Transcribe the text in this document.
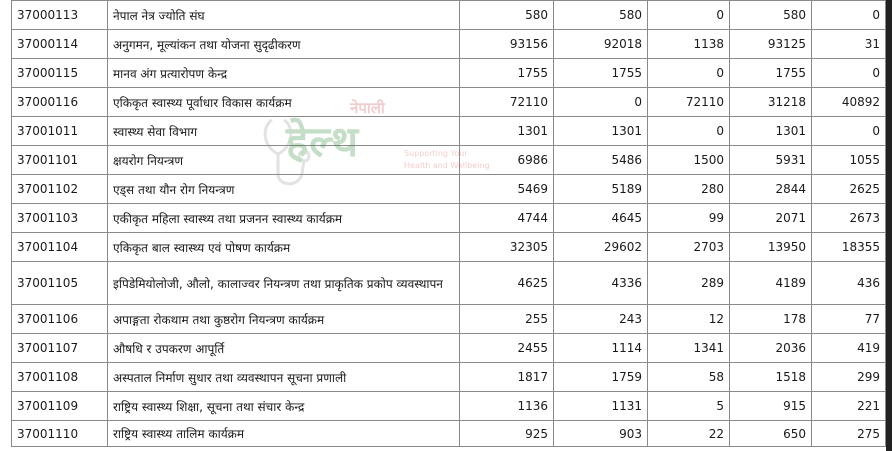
37000113	नेपाल नेत्र ज्योति संघ	580	580	0	580	0
37000114	अनुगमन, मूल्यांकन तथा योजना सुदृढीकरण	93156	92018	1138	93125	31
37000115	मानव अंग प्रत्यारोपण केन्द्र	1755	1755	0	1755	0
37000116	एकिकृत स्वास्थ्य पूर्वाधार विकास कार्यक्रम	72110	0	72110	31218	40892
37001011	स्वास्थ्य सेवा विभाग	1301	1301	0	1301	0
37001101	क्षयरोग नियन्त्रण	6986	5486	1500	5931	1055
37001102	एड्स तथा यौन रोग नियन्त्रण	5469	5189	280	2844	2625
37001103	एकीकृत महिला स्वास्थ्य तथा प्रजनन स्वास्थ्य कार्यक्रम	4744	4645	99	2071	2673
37001104	एकिकृत बाल स्वास्थ्य एवं पोषण कार्यक्रम	32305	29602	2703	13950	18355
37001105	इपिडेमियोलोजी, औलो, कालाज्वर नियन्त्रण तथा प्राकृतिक प्रकोप व्यवस्थापन	4625	4336	289	4189	436
37001106	अपाङ्गता रोकथाम तथा कुष्ठरोग नियन्त्रण कार्यक्रम	255	243	12	178	77
37001107	औषधि र उपकरण आपूर्ति	2455	1114	1341	2036	419
37001108	अस्पताल निर्माण सुधार तथा व्यवस्थापन सूचना प्रणाली	1817	1759	58	1518	299
37001109	राष्ट्रिय स्वास्थ्य शिक्षा, सूचना तथा संचार केन्द्र	1136	1131	5	915	221
37001110	राष्ट्रिय स्वास्थ्य तालिम कार्यक्रम	925	903	22	650	275
नेपाली
हेल्थ	Supporting Your
Health and Wellbeing
